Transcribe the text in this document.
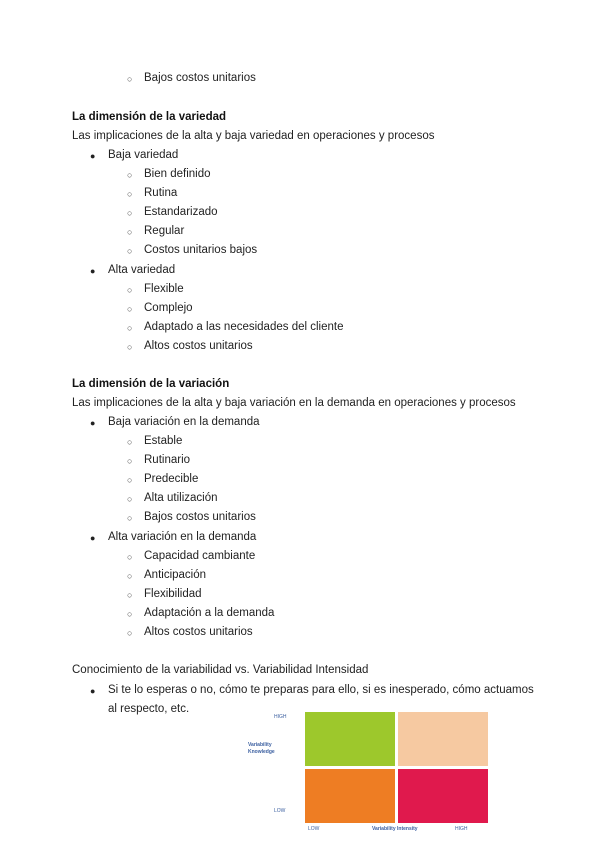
○ Bajos costos unitarios
La dimensión de la variedad
Las implicaciones de la alta y baja variedad en operaciones y procesos
● Baja variedad
○ Bien definido
○ Rutina
○ Estandarizado
○ Regular
○ Costos unitarios bajos
● Alta variedad
○ Flexible
○ Complejo
○ Adaptado a las necesidades del cliente
○ Altos costos unitarios
La dimensión de la variación
Las implicaciones de la alta y baja variación en la demanda en operaciones y procesos
● Baja variación en la demanda
○ Estable
○ Rutinario
○ Predecible
○ Alta utilización
○ Bajos costos unitarios
● Alta variación en la demanda
○ Capacidad cambiante
○ Anticipación
○ Flexibilidad
○ Adaptación a la demanda
○ Altos costos unitarios
Conocimiento de la variabilidad vs. Variabilidad Intensidad
● Si te lo esperas o no, cómo te preparas para ello, si es inesperado, cómo actuamos
al respecto, etc.
HIGH
Variability
Knowledge
LOW
LOW	Variability Intensity	HIGH
